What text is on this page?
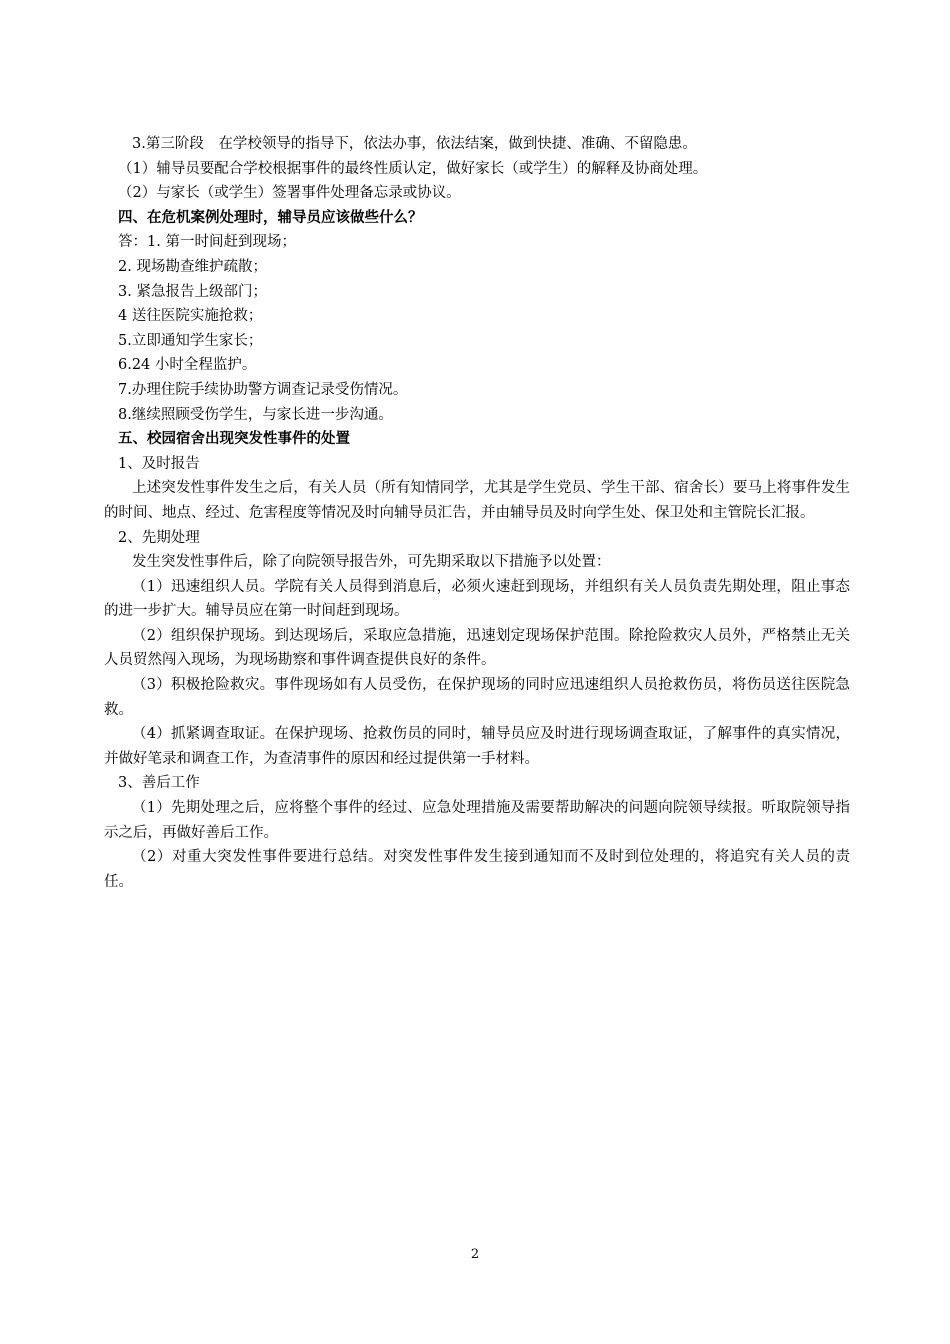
3.第三阶段　在学校领导的指导下，依法办事，依法结案，做到快捷、准确、不留隐患。
（1）辅导员要配合学校根据事件的最终性质认定，做好家长（或学生）的解释及协商处理。
（2）与家长（或学生）签署事件处理备忘录或协议。
四、在危机案例处理时，辅导员应该做些什么？
答：1. 第一时间赶到现场；
2. 现场勘查维护疏散；
3. 紧急报告上级部门；
4 送往医院实施抢救；
5.立即通知学生家长；
6.24 小时全程监护。
7.办理住院手续协助警方调查记录受伤情况。
8.继续照顾受伤学生，与家长进一步沟通。
五、校园宿舍出现突发性事件的处置
1、及时报告
上述突发性事件发生之后，有关人员（所有知情同学，尤其是学生党员、学生干部、宿舍长）要马上将事件发生的时间、地点、经过、危害程度等情况及时向辅导员汇告，并由辅导员及时向学生处、保卫处和主管院长汇报。
2、先期处理
发生突发性事件后，除了向院领导报告外，可先期采取以下措施予以处置：
（1）迅速组织人员。学院有关人员得到消息后，必须火速赶到现场，并组织有关人员负责先期处理，阻止事态的进一步扩大。辅导员应在第一时间赶到现场。
（2）组织保护现场。到达现场后，采取应急措施，迅速划定现场保护范围。除抢险救灾人员外，严格禁止无关人员贸然闯入现场，为现场勘察和事件调查提供良好的条件。
（3）积极抢险救灾。事件现场如有人员受伤，在保护现场的同时应迅速组织人员抢救伤员，将伤员送往医院急救。
（4）抓紧调查取证。在保护现场、抢救伤员的同时，辅导员应及时进行现场调查取证，了解事件的真实情况，并做好笔录和调查工作，为查清事件的原因和经过提供第一手材料。
3、善后工作
（1）先期处理之后，应将整个事件的经过、应急处理措施及需要帮助解决的问题向院领导续报。听取院领导指示之后，再做好善后工作。
（2）对重大突发性事件要进行总结。对突发性事件发生接到通知而不及时到位处理的，将追究有关人员的责任。
2
